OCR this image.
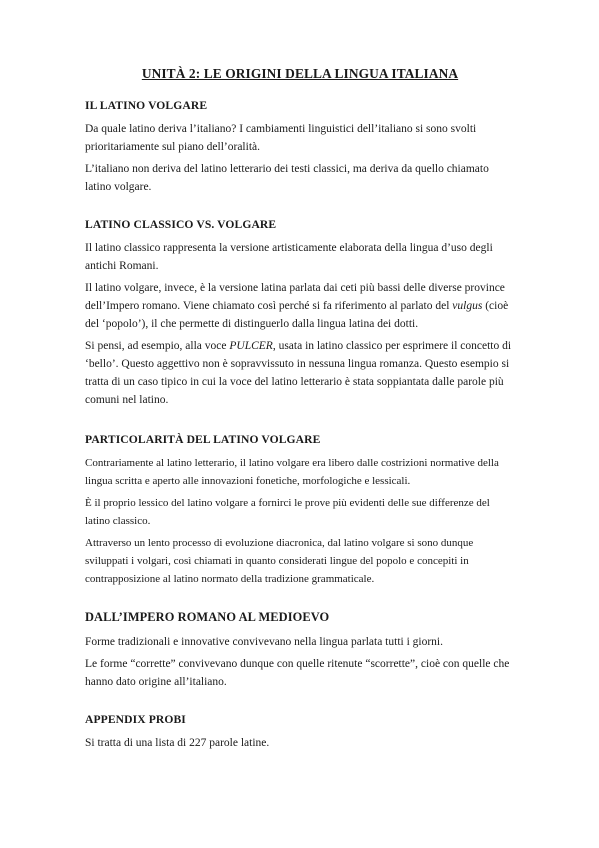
UNITÀ 2: LE ORIGINI DELLA LINGUA ITALIANA
IL LATINO VOLGARE

Da quale latino deriva l’italiano? I cambiamenti linguistici dell’italiano si sono svolti prioritariamente sul piano dell’oralità.

L’italiano non deriva del latino letterario dei testi classici, ma deriva da quello chiamato latino volgare.

LATINO CLASSICO VS. VOLGARE

Il latino classico rappresenta la versione artisticamente elaborata della lingua d’uso degli antichi Romani.

Il latino volgare, invece, è la versione latina parlata dai ceti più bassi delle diverse province dell’Impero romano. Viene chiamato così perché si fa riferimento al parlato del vulgus (cioè del ‘popolo’), il che permette di distinguerlo dalla lingua latina dei dotti.

Si pensi, ad esempio, alla voce PULCER, usata in latino classico per esprimere il concetto di ‘bello’. Questo aggettivo non è sopravvissuto in nessuna lingua romanza. Questo esempio si tratta di un caso tipico in cui la voce del latino letterario è stata soppiantata dalle parole più comuni nel latino.

PARTICOLARITÀ DEL LATINO VOLGARE

Contrariamente al latino letterario, il latino volgare era libero dalle costrizioni normative della lingua scritta e aperto alle innovazioni fonetiche, morfologiche e lessicali.

È il proprio lessico del latino volgare a fornirci le prove più evidenti delle sue differenze del latino classico.

Attraverso un lento processo di evoluzione diacronica, dal latino volgare si sono dunque sviluppati i volgari, così chiamati in quanto considerati lingue del popolo e concepiti in contrapposizione al latino normato della tradizione grammaticale.

DALL’IMPERO ROMANO AL MEDIOEVO

Forme tradizionali e innovative convivevano nella lingua parlata tutti i giorni.

Le forme “corrette” convivevano dunque con quelle ritenute “scorrette”, cioè con quelle che hanno dato origine all’italiano.

APPENDIX PROBI

Si tratta di una lista di 227 parole latine.
